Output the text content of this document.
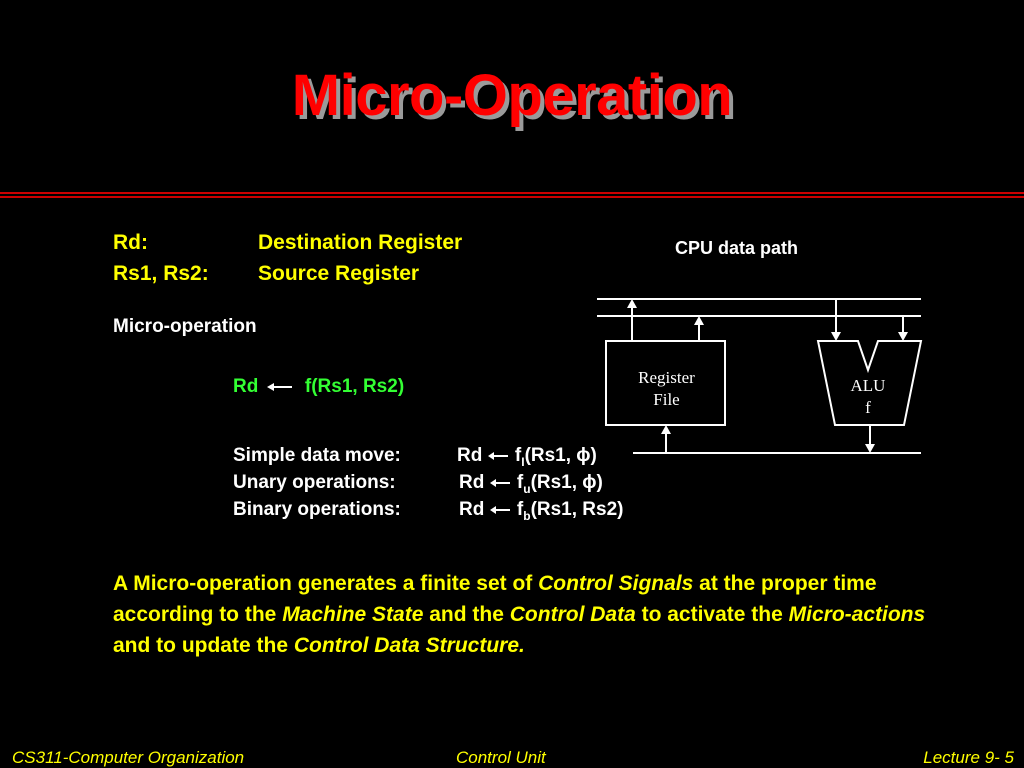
Micro-Operation
Rd:	Destination Register
Rs1, Rs2: Source Register
Micro-operation
Rd f(Rs1, Rs2)
Simple data move:	Rd $f_I(Rs1$, ϕ)
Unary operations:	Rd $f_u(Rs1$, ϕ)
Binary operations:	Rd $f_b(Rs1$, Rs2)
CPU data path
Register
File
ALU
f
A Micro-operation generates a finite set of Control Signals at the proper time according to the Machine State and the Control Data to activate the Micro-actions and to update the Control Data Structure.
CS311-Computer Organization	Control Unit	Lecture 9- 5
